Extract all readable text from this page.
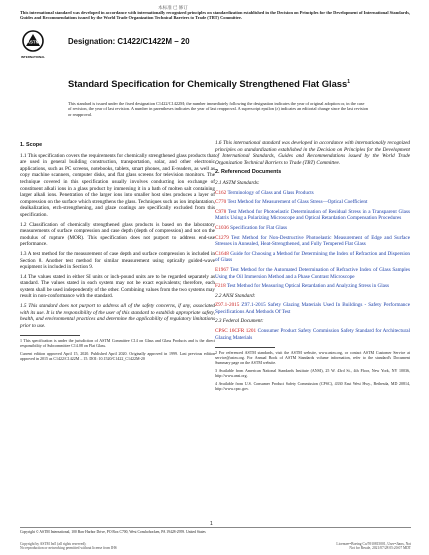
本标准 已 修订
This international standard was developed in accordance with internationally recognized principles on standardization established in the Decision on Principles for the Development of International Standards, Guides and Recommendations issued by the World Trade Organization Technical Barriers to Trade (TBT) Committee.
ASTM
INTERNATIONAL
Designation: C1422/C1422M − 20
Standard Specification for Chemically Strengthened Flat Glass$^1$
This standard is issued under the fixed designation C1422/C1422M; the number immediately following the designation indicates the year of original adoption or, in the case of revision, the year of last revision. A number in parentheses indicates the year of last reapproval. A superscript epsilon (ε) indicates an editorial change since the last revision or reapproval.
1. Scope

1.1 This specification covers the requirements for chemically strengthened glass products that are used in general building construction, transportation, solar, and other electronic applications, such as PC screens, notebooks, tablets, smart phones, and E-readers, as well as copy machine scanners, computer disks, and flat glass screens for television monitors. The technique covered in this specification usually involves conducting ion exchange of constituent alkali ions in a glass product by immersing it in a bath of molten salt containing larger alkali ions. Penetration of the larger ions into smaller host sites produces a layer of compression on the surface which strengthens the glass. Techniques such as ion implantation, dealkalization, etch-strengthening, and glaze coatings are specifically excluded from this specification.

1.2 Classification of chemically strengthened glass products is based on the laboratory measurements of surface compression and case depth (depth of compression) and not on the modulus of rupture (MOR). This specification does not purport to address end-use performance.

1.3 A test method for the measurement of case depth and surface compression is included in Section 8. Another test method for similar measurement using optically guided-wave equipment is included in Section 9.

1.4 The values stated in either SI units or inch-pound units are to be regarded separately as standard. The values stated in each system may not be exact equivalents; therefore, each system shall be used independently of the other. Combining values from the two systems may result in non-conformance with the standard.

1.5 This standard does not purport to address all of the safety concerns, if any, associated with its use. It is the responsibility of the user of this standard to establish appropriate safety, health, and environmental practices and determine the applicability of regulatory limitations prior to use.

1 This specification is under the jurisdiction of ASTM Committee C14 on Glass and Glass Products and is the direct responsibility of Subcommittee C14.08 on Flat Glass.

Current edition approved April 15, 2020. Published April 2020. Originally approved in 1999. Last previous edition approved in 2015 as C1422/C1422M – 15. DOI: 10.1520/C1422_C1422M-20

1.6 This international standard was developed in accordance with internationally recognized principles on standardization established in the Decision on Principles for the Development of International Standards, Guides and Recommendations issued by the World Trade Organization Technical Barriers to Trade (TBT) Committee.

2. Referenced Documents

2.1 ASTM Standards:

C162 Terminology of Glass and Glass Products

C770 Test Method for Measurement of Glass Stress—Optical Coefficient

C978 Test Method for Photoelastic Determination of Residual Stress in a Transparent Glass Matrix Using a Polarizing Microscope and Optical Retardation Compensation Procedures

C1036 Specification for Flat Glass

C1279 Test Method for Non-Destructive Photoelastic Measurement of Edge and Surface Stresses in Annealed, Heat-Strengthened, and Fully Tempered Flat Glass

C1648 Guide for Choosing a Method for Determining the Index of Refraction and Dispersion of Glass

E1967 Test Method for the Automated Determination of Refractive Index of Glass Samples Using the Oil Immersion Method and a Phase Contrast Microscope

F218 Test Method for Measuring Optical Retardation and Analyzing Stress in Glass

2.2 ANSI Standard:

Z97.1-2015 Z97.1-2015 Safety Glazing Materials Used In Buildings - Safety Performance Specifications And Methods Of Test

2.3 Federal Document:

CPSC 16CFR 1201 Consumer Product Safety Commission Safety Standard for Architectural Glazing Materials

2 For referenced ASTM standards, visit the ASTM website, www.astm.org, or contact ASTM Customer Service at service@astm.org. For Annual Book of ASTM Standards volume information, refer to the standard's Document Summary page on the ASTM website.

3 Available from American National Standards Institute (ANSI), 25 W. 43rd St., 4th Floor, New York, NY 10036, http://www.ansi.org.

4 Available from U.S. Consumer Product Safety Commission (CPSC), 4330 East West Hwy., Bethesda, MD 20814, http://www.cpsc.gov.

1
Copyright © ASTM International, 100 Barr Harbor Drive, PO Box C700, West Conshohocken, PA 19428-2959. United States
Copyright by ASTM Int'l (all rights reserved);
No reproduction or networking permitted without license from IHS
Licensee=Boeing Co/5910815001, User=Jianx, Not
Not for Resale, 2021/07/28 05:20:07 MDT
